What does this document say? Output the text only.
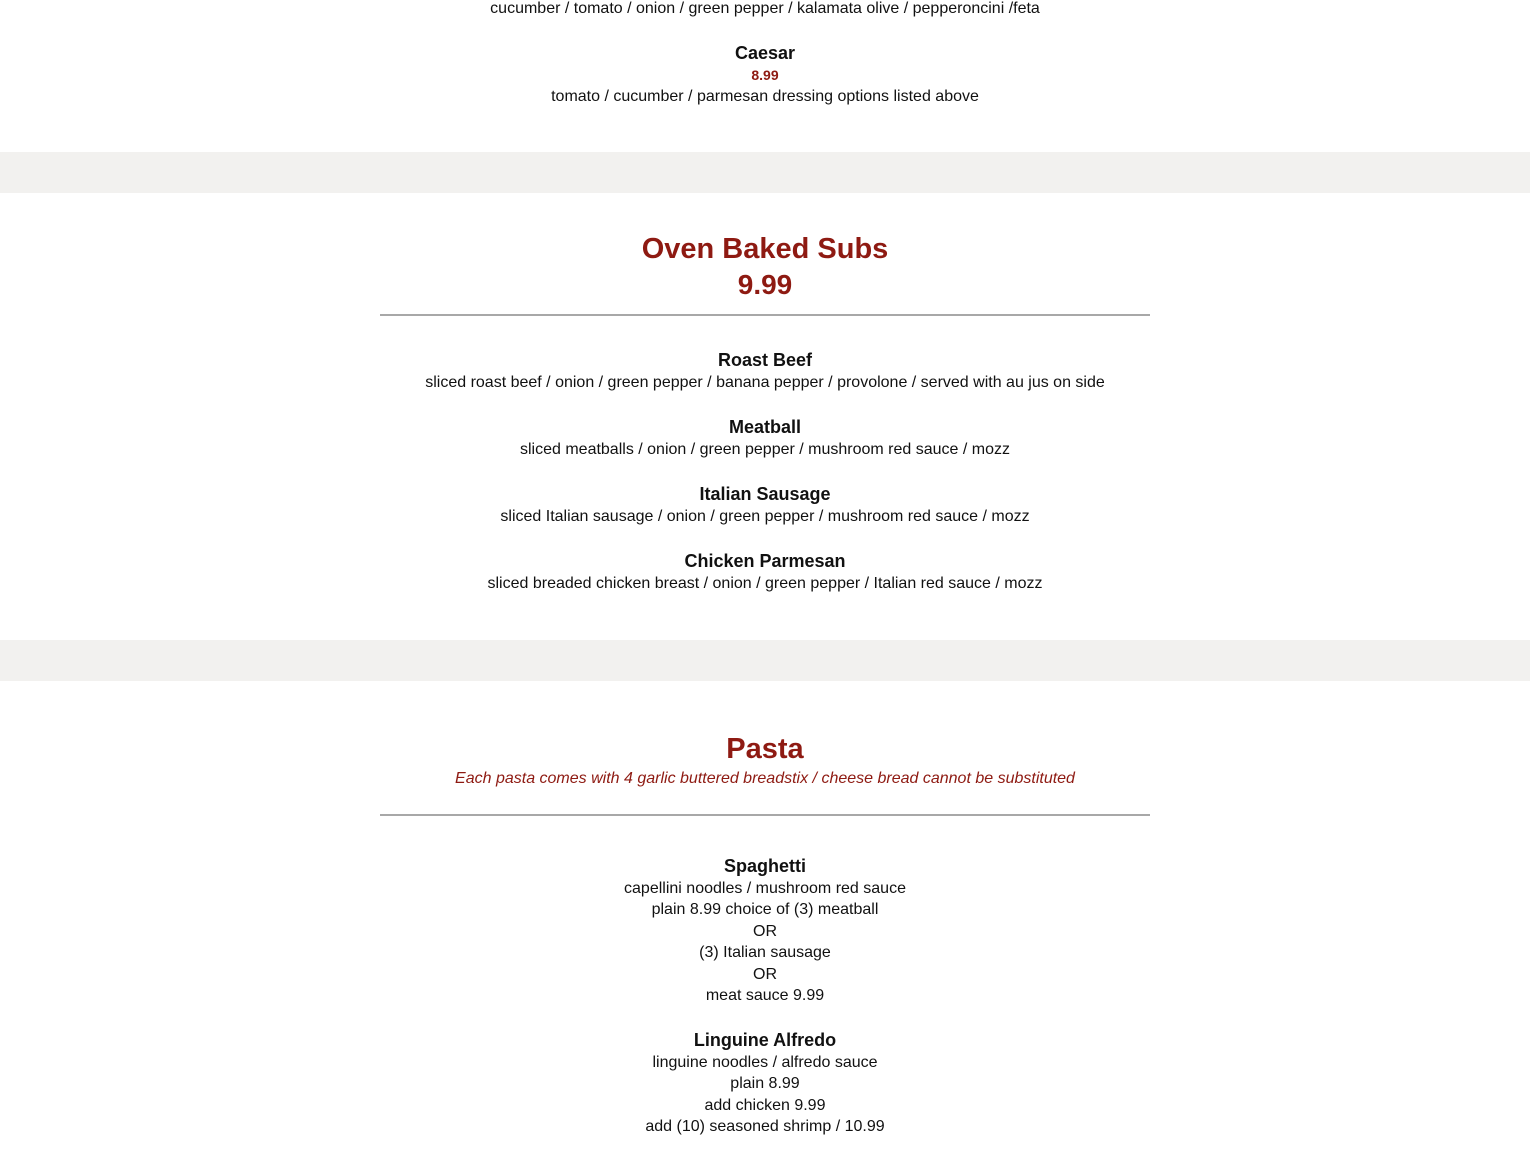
cucumber / tomato / onion / green pepper / kalamata olive / pepperoncini /feta
Caesar
8.99
tomato / cucumber / parmesan dressing options listed above
Oven Baked Subs
9.99
Roast Beef
sliced roast beef / onion / green pepper / banana pepper / provolone / served with au jus on side
Meatball
sliced meatballs / onion / green pepper / mushroom red sauce / mozz
Italian Sausage
sliced Italian sausage / onion / green pepper / mushroom red sauce / mozz
Chicken Parmesan
sliced breaded chicken breast / onion / green pepper / Italian red sauce / mozz
Pasta
Each pasta comes with 4 garlic buttered breadstix / cheese bread cannot be substituted
Spaghetti
capellini noodles / mushroom red sauce
plain 8.99 choice of (3) meatball
OR
(3) Italian sausage
OR
meat sauce 9.99
Linguine Alfredo
linguine noodles / alfredo sauce
plain 8.99
add chicken 9.99
add (10) seasoned shrimp / 10.99
